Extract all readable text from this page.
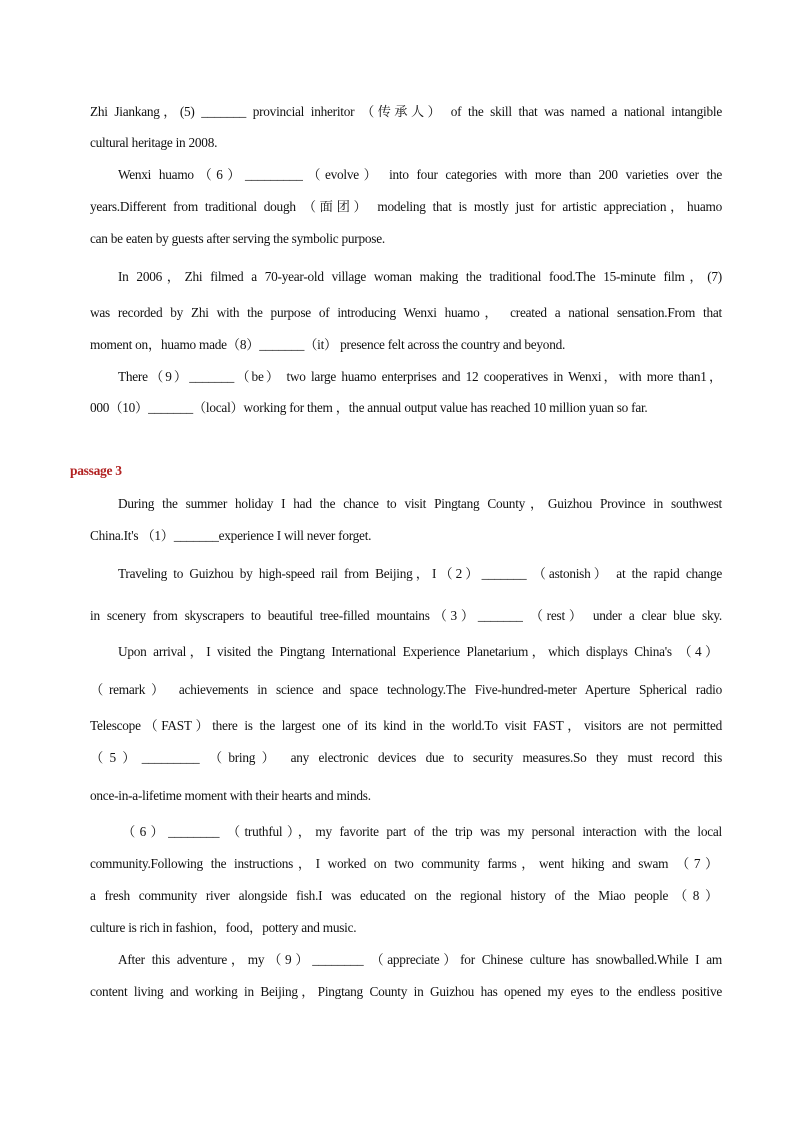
Zhi Jiankang，(5) _______ provincial inheritor （传承人） of the skill that was named a national intangible
cultural heritage in 2008.
Wenxi huamo（6）_________（evolve） into four categories with more than 200 varieties over the
years.Different from traditional dough （面团） modeling that is mostly just for artistic appreciation，huamo
can be eaten by guests after serving the symbolic purpose.
In 2006，Zhi filmed a 70-year-old village woman making the traditional food.The 15-minute film，(7)
was recorded by Zhi with the purpose of introducing Wenxi huamo， created a national sensation.From that
moment on，huamo made（8）_______（it） presence felt across the country and beyond.
There（9）_______（be） two large huamo enterprises and 12 cooperatives in Wenxi，with more than1，
000（10）_______（local）working for them ，the annual output value has reached 10 million yuan so far.
passage 3
During the summer holiday I had the chance to visit Pingtang County，Guizhou Province in southwest
China.It's （1）_______experience I will never forget.
Traveling to Guizhou by high-speed rail from Beijing，I（2）_______ （astonish） at the rapid change
in scenery from skyscrapers to beautiful tree-filled mountains（3）_______ （rest） under a clear blue sky.
Upon arrival，I visited the Pingtang International Experience Planetarium，which displays China's （4）
（remark） achievements in science and space technology.The Five-hundred-meter Aperture Spherical radio
Telescope（FAST）there is the largest one of its kind in the world.To visit FAST，visitors are not permitted
（5）_________ （bring） any electronic devices due to security measures.So they must record this
once-in-a-lifetime moment with their hearts and minds.
（6）________ （truthful），my favorite part of the trip was my personal interaction with the local
community.Following the instructions，I worked on two community farms，went hiking and swam （7）
a fresh community river alongside fish.I was educated on the regional history of the Miao people（8）
culture is rich in fashion，food，pottery and music.
After this adventure，my（9）________ （appreciate）for Chinese culture has snowballed.While I am
content living and working in Beijing，Pingtang County in Guizhou has opened my eyes to the endless positive
